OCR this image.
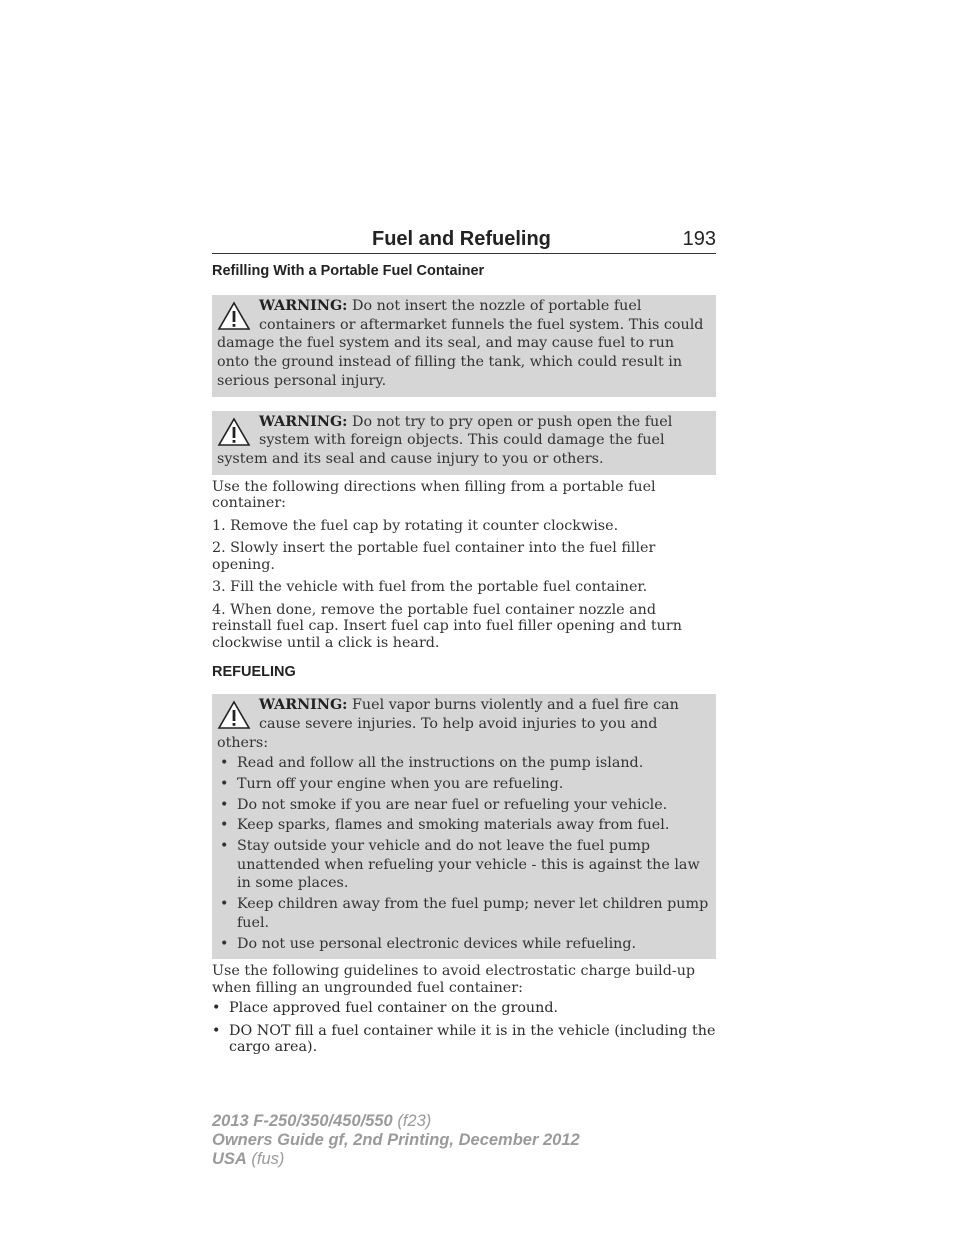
Fuel and Refueling	193
Refilling With a Portable Fuel Container
WARNING: Do not insert the nozzle of portable fuel containers or aftermarket funnels the fuel system. This could damage the fuel system and its seal, and may cause fuel to run onto the ground instead of filling the tank, which could result in serious personal injury.
WARNING: Do not try to pry open or push open the fuel system with foreign objects. This could damage the fuel system and its seal and cause injury to you or others.

Use the following directions when filling from a portable fuel container:

1. Remove the fuel cap by rotating it counter clockwise.

2. Slowly insert the portable fuel container into the fuel filler opening.

3. Fill the vehicle with fuel from the portable fuel container.

4. When done, remove the portable fuel container nozzle and reinstall fuel cap. Insert fuel cap into fuel filler opening and turn clockwise until a click is heard.

REFUELING
WARNING: Fuel vapor burns violently and a fuel fire can cause severe injuries. To help avoid injuries to you and others:
• Read and follow all the instructions on the pump island.
• Turn off your engine when you are refueling.
• Do not smoke if you are near fuel or refueling your vehicle.
• Keep sparks, flames and smoking materials away from fuel.
• Stay outside your vehicle and do not leave the fuel pump unattended when refueling your vehicle - this is against the law in some places.
• Keep children away from the fuel pump; never let children pump fuel.
• Do not use personal electronic devices while refueling.

Use the following guidelines to avoid electrostatic charge build-up when filling an ungrounded fuel container:

• Place approved fuel container on the ground.
• DO NOT fill a fuel container while it is in the vehicle (including the cargo area).
2013 F-250/350/450/550 (f23)
Owners Guide gf, 2nd Printing, December 2012
USA (fus)
